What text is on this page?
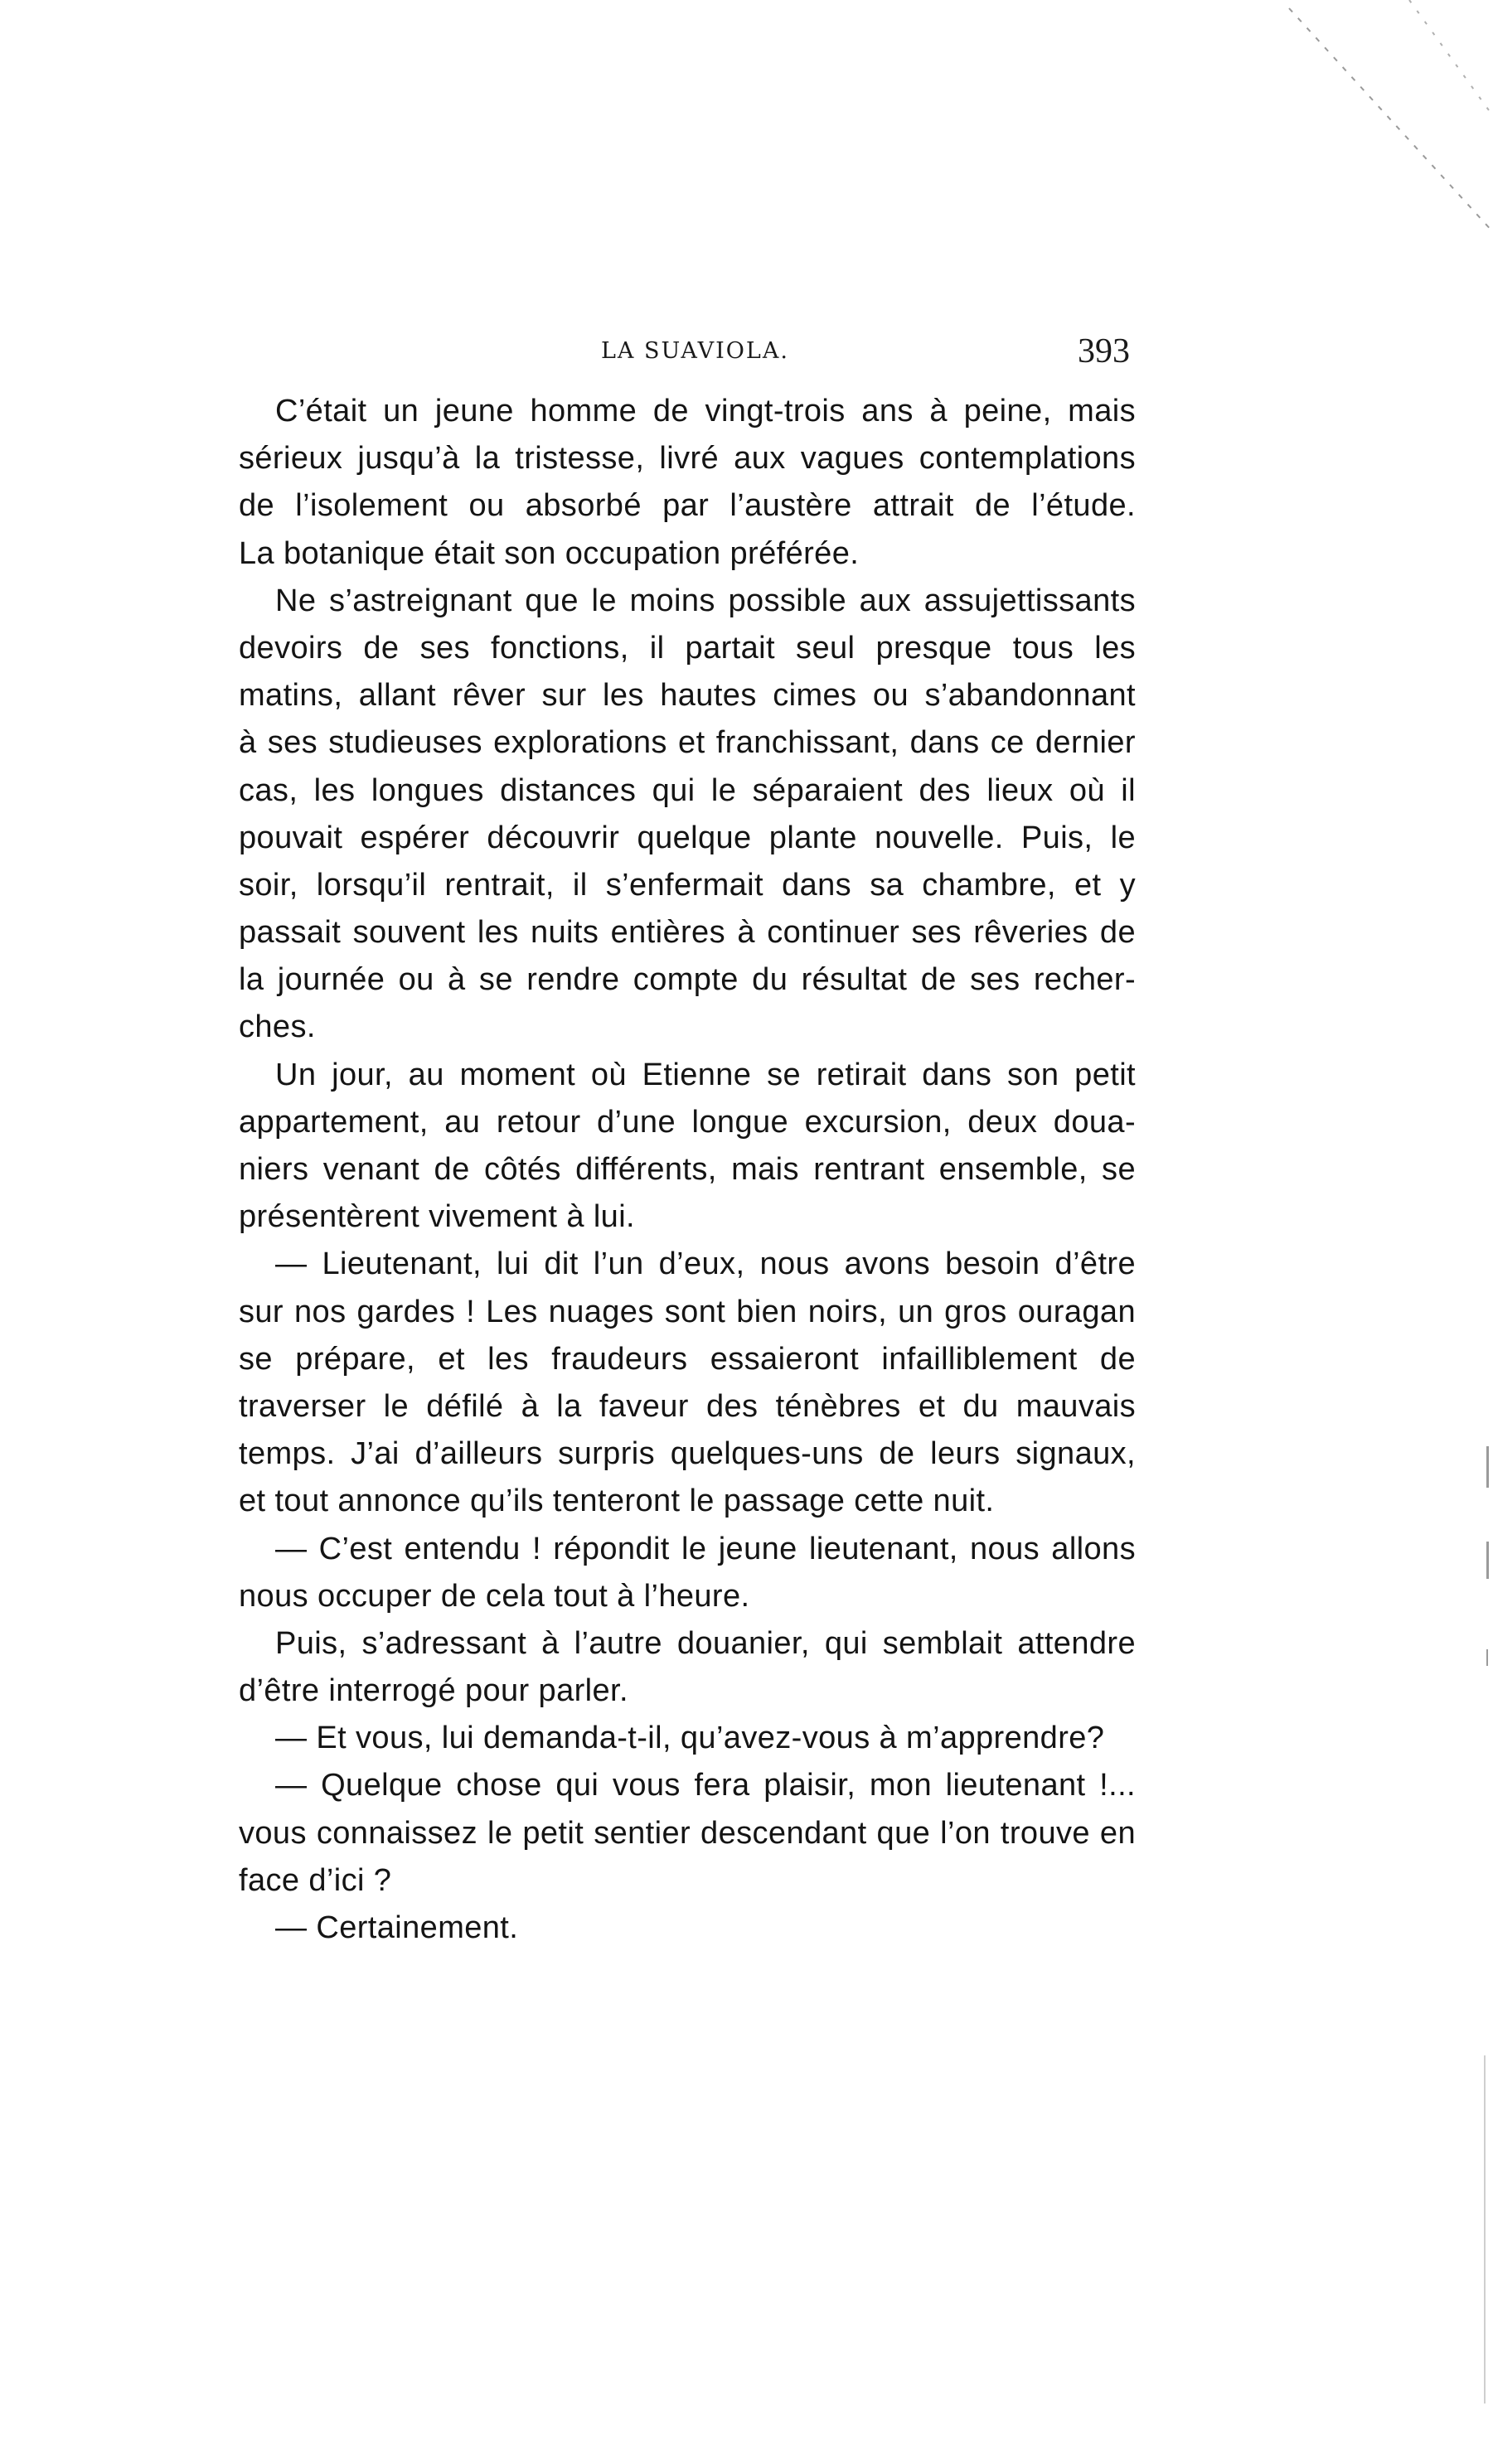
LA SUAVIOLA.	393
C’était un jeune homme de vingt-trois ans à peine, mais
sérieux jusqu’à la tristesse, livré aux vagues contemplations
de l’isolement ou absorbé par l’austère attrait de l’étude.
La botanique était son occupation préférée.
Ne s’astreignant que le moins possible aux assujettissants
devoirs de ses fonctions, il partait seul presque tous les
matins, allant rêver sur les hautes cimes ou s’abandonnant
à ses studieuses explorations et franchissant, dans ce dernier
cas, les longues distances qui le séparaient des lieux où il
pouvait espérer découvrir quelque plante nouvelle. Puis, le
soir, lorsqu’il rentrait, il s’enfermait dans sa chambre, et y
passait souvent les nuits entières à continuer ses rêveries de
la journée ou à se rendre compte du résultat de ses recher-
ches.
Un jour, au moment où Etienne se retirait dans son petit
appartement, au retour d’une longue excursion, deux doua-
niers venant de côtés différents, mais rentrant ensemble, se
présentèrent vivement à lui.
— Lieutenant, lui dit l’un d’eux, nous avons besoin d’être
sur nos gardes ! Les nuages sont bien noirs, un gros ouragan
se prépare, et les fraudeurs essaieront infailliblement de
traverser le défilé à la faveur des ténèbres et du mauvais
temps. J’ai d’ailleurs surpris quelques-uns de leurs signaux,
et tout annonce qu’ils tenteront le passage cette nuit.
— C’est entendu ! répondit le jeune lieutenant, nous allons
nous occuper de cela tout à l’heure.
Puis, s’adressant à l’autre douanier, qui semblait attendre
d’être interrogé pour parler.
— Et vous, lui demanda-t-il, qu’avez-vous à m’apprendre?
— Quelque chose qui vous fera plaisir, mon lieutenant !...
vous connaissez le petit sentier descendant que l’on trouve en
face d’ici ?
— Certainement.
